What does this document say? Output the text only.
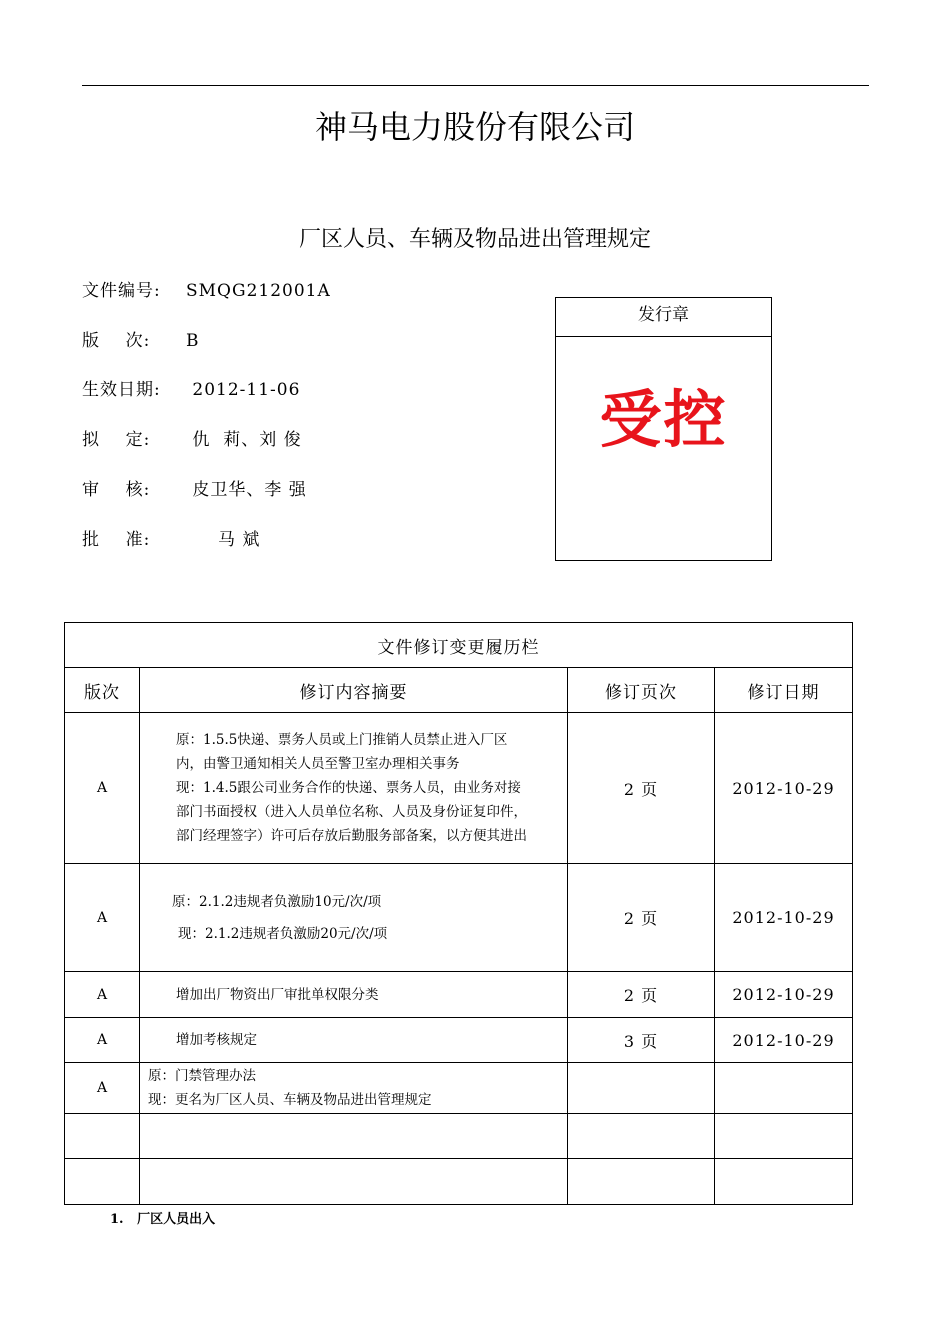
神马电力股份有限公司
厂区人员、车辆及物品进出管理规定
文件编号: SMQG212001A
版    次: B
生效日期: 2012-11-06
拟    定: 仇  莉、刘 俊
审    核: 皮卫华、李 强
批    准:     马 斌
发行章
受控
文件修订变更履历栏			
版次	修订内容摘要	修订页次	修订日期
A	原：1.5.5快递、票务人员或上门推销人员禁止进入厂区
内，由警卫通知相关人员至警卫室办理相关事务
现：1.4.5跟公司业务合作的快递、票务人员，由业务对接
部门书面授权（进入人员单位名称、人员及身份证复印件，
部门经理签字）许可后存放后勤服务部备案，以方便其进出	2 页	2012-10-29
A	原：2.1.2违规者负激励10元/次/项
现：2.1.2违规者负激励20元/次/项	2 页	2012-10-29
A	增加出厂物资出厂审批单权限分类	2 页	2012-10-29
A	增加考核规定	3 页	2012-10-29
A	原：门禁管理办法
现：更名为厂区人员、车辆及物品进出管理规定		

1.   厂区人员出入
